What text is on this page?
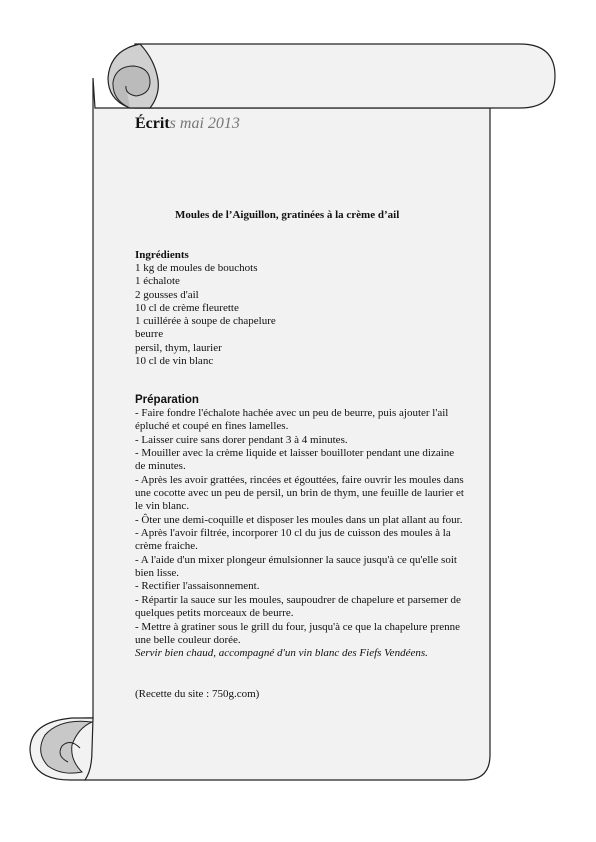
Écrits mai 2013
Moules de l’Aiguillon, gratinées à la crème d’ail

Ingrédients

1 kg de moules de bouchots
1 échalote
2 gousses d'ail
10 cl de crème fleurette
1 cuillérée à soupe de chapelure
beurre
persil, thym, laurier
10 cl de vin blanc

Préparation

- Faire fondre l'échalote hachée avec un peu de beurre, puis ajouter l'ail épluché et coupé en fines lamelles.
- Laisser cuire sans dorer pendant 3 à 4 minutes.
- Mouiller avec la crème liquide et laisser bouilloter pendant une dizaine de minutes.
- Après les avoir grattées, rincées et égouttées, faire ouvrir les moules dans une cocotte avec un peu de persil, un brin de thym, une feuille de laurier et le vin blanc.
- Ôter une demi-coquille et disposer les moules dans un plat allant au four.
- Après l'avoir filtrée, incorporer 10 cl du jus de cuisson des moules à la crème fraiche.
- A l'aide d'un mixer plongeur émulsionner la sauce jusqu'à ce qu'elle soit bien lisse.
- Rectifier l'assaisonnement.
- Répartir la sauce sur les moules, saupoudrer de chapelure et parsemer de quelques petits morceaux de beurre.
- Mettre à gratiner sous le grill du four, jusqu'à ce que la chapelure prenne une belle couleur dorée.

Servir bien chaud, accompagné d'un vin blanc des Fiefs Vendéens.

(Recette du site : 750g.com)
